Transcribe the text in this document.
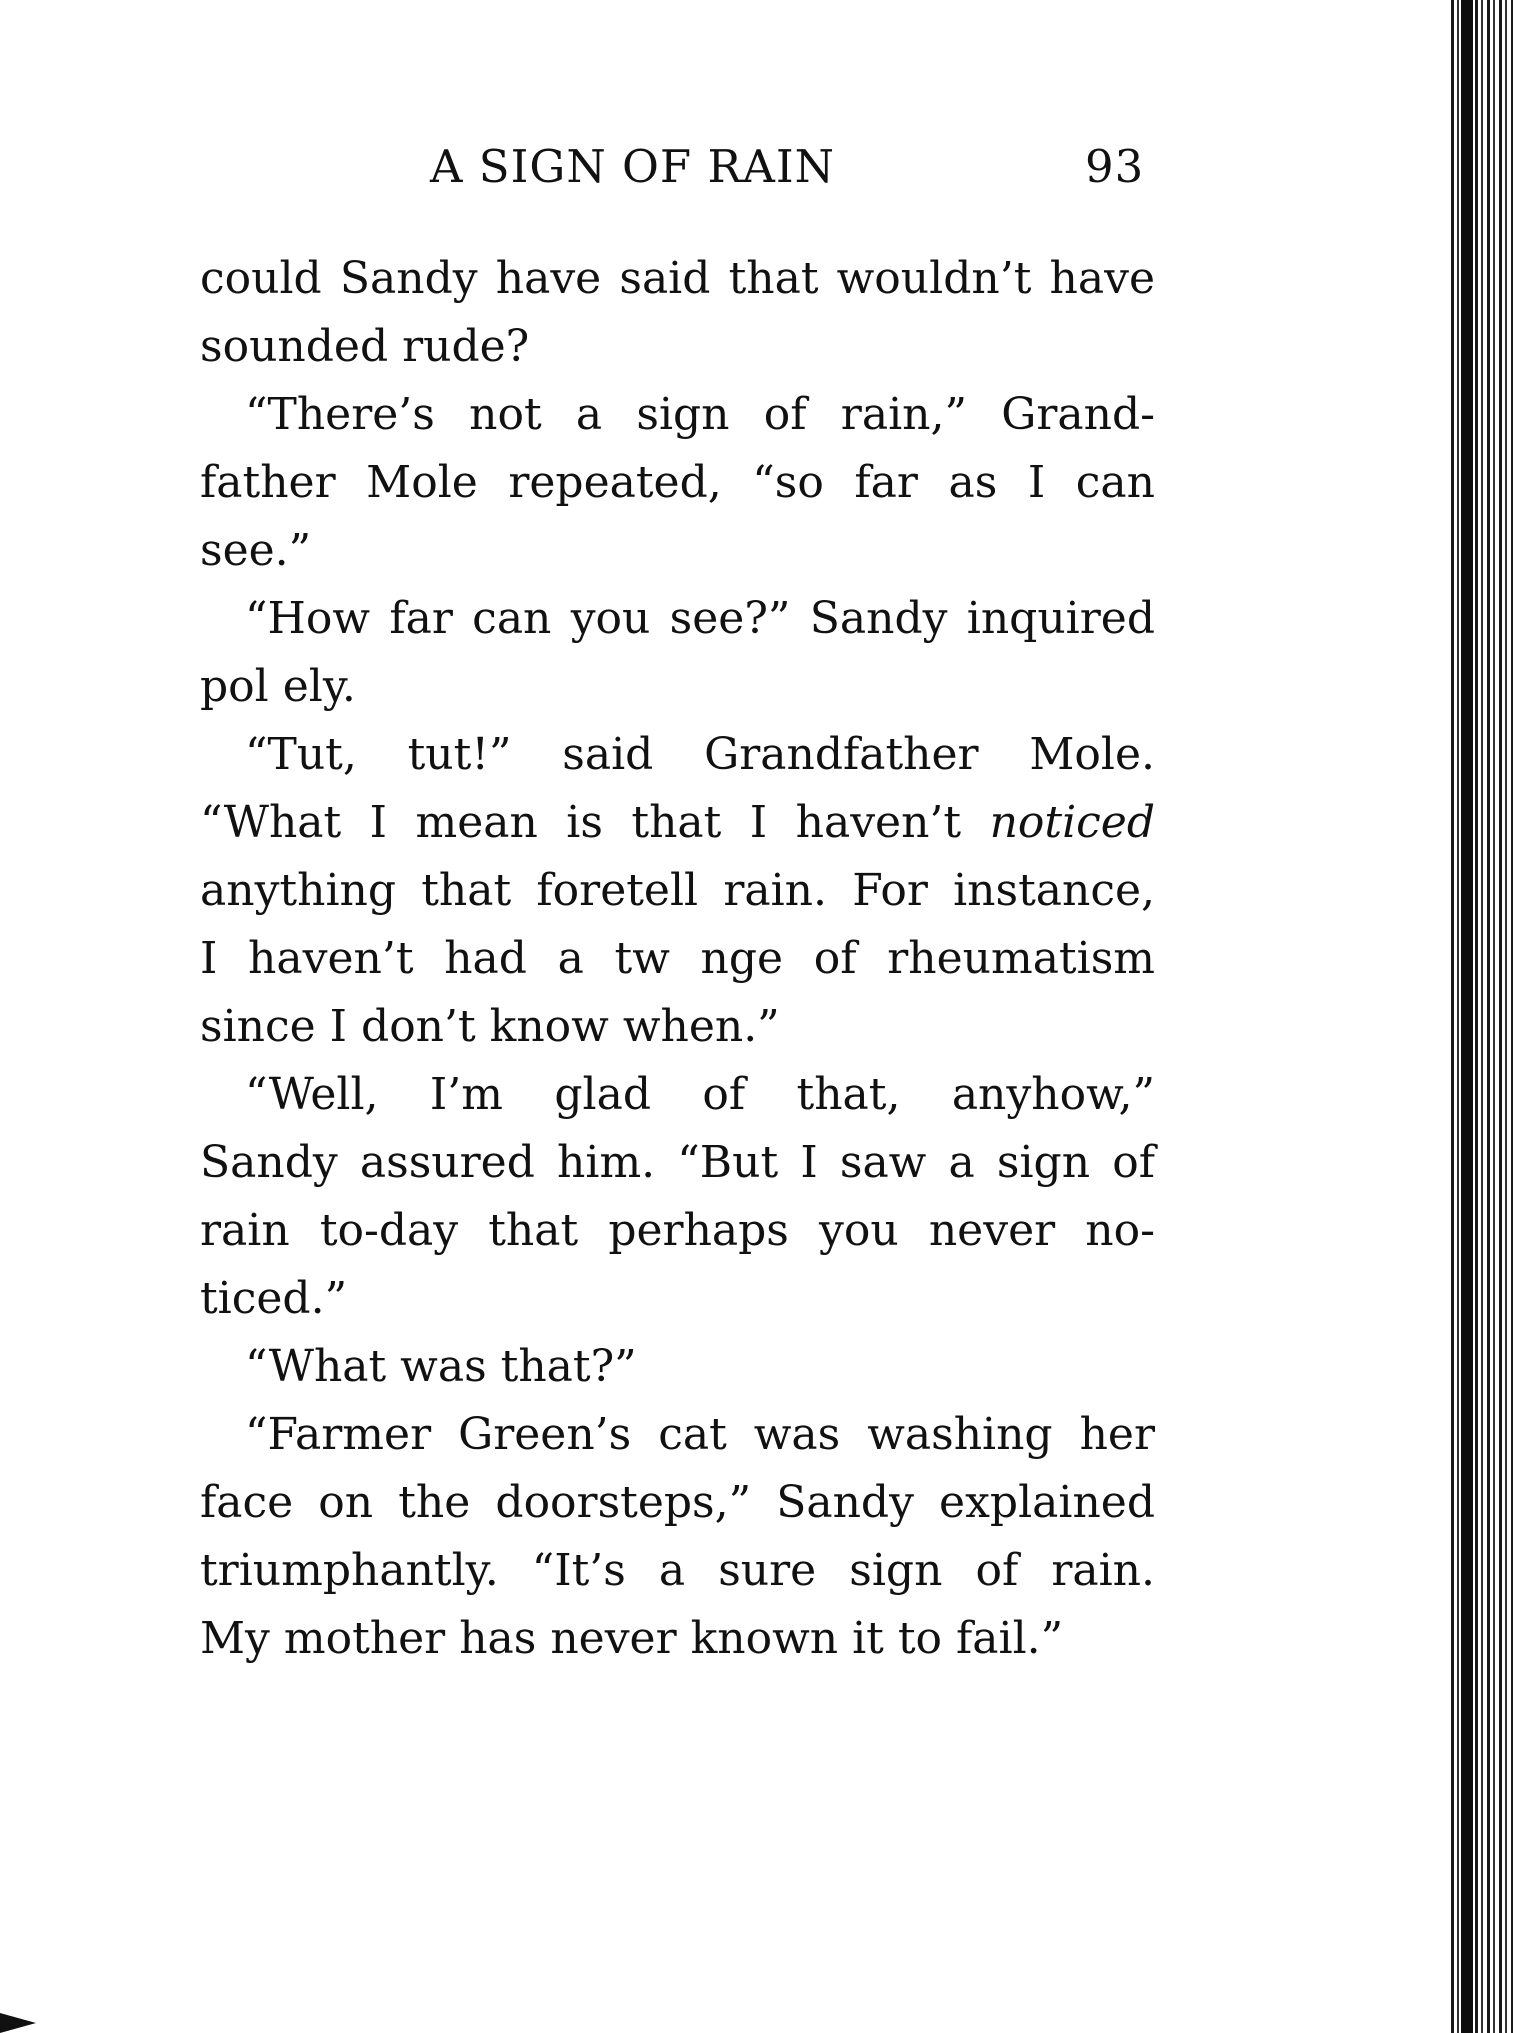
A SIGN OF RAIN	93
could Sandy have said that wouldn’t have
sounded rude?
“There’s not a sign of rain,” Grand-
father Mole repeated, “so far as I can
see.”
“How far can you see?” Sandy inquired
pol ely.
“Tut, tut!” said Grandfather Mole.
“What I mean is that I haven’t noticed
anything that foretell rain. For instance,
I haven’t had a tw nge of rheumatism
since I don’t know when.”
“Well, I’m glad of that, anyhow,”
Sandy assured him. “But I saw a sign of
rain to-day that perhaps you never no-
ticed.”
“What was that?”
“Farmer Green’s cat was washing her
face on the doorsteps,” Sandy explained
triumphantly. “It’s a sure sign of rain.
My mother has never known it to fail.”
